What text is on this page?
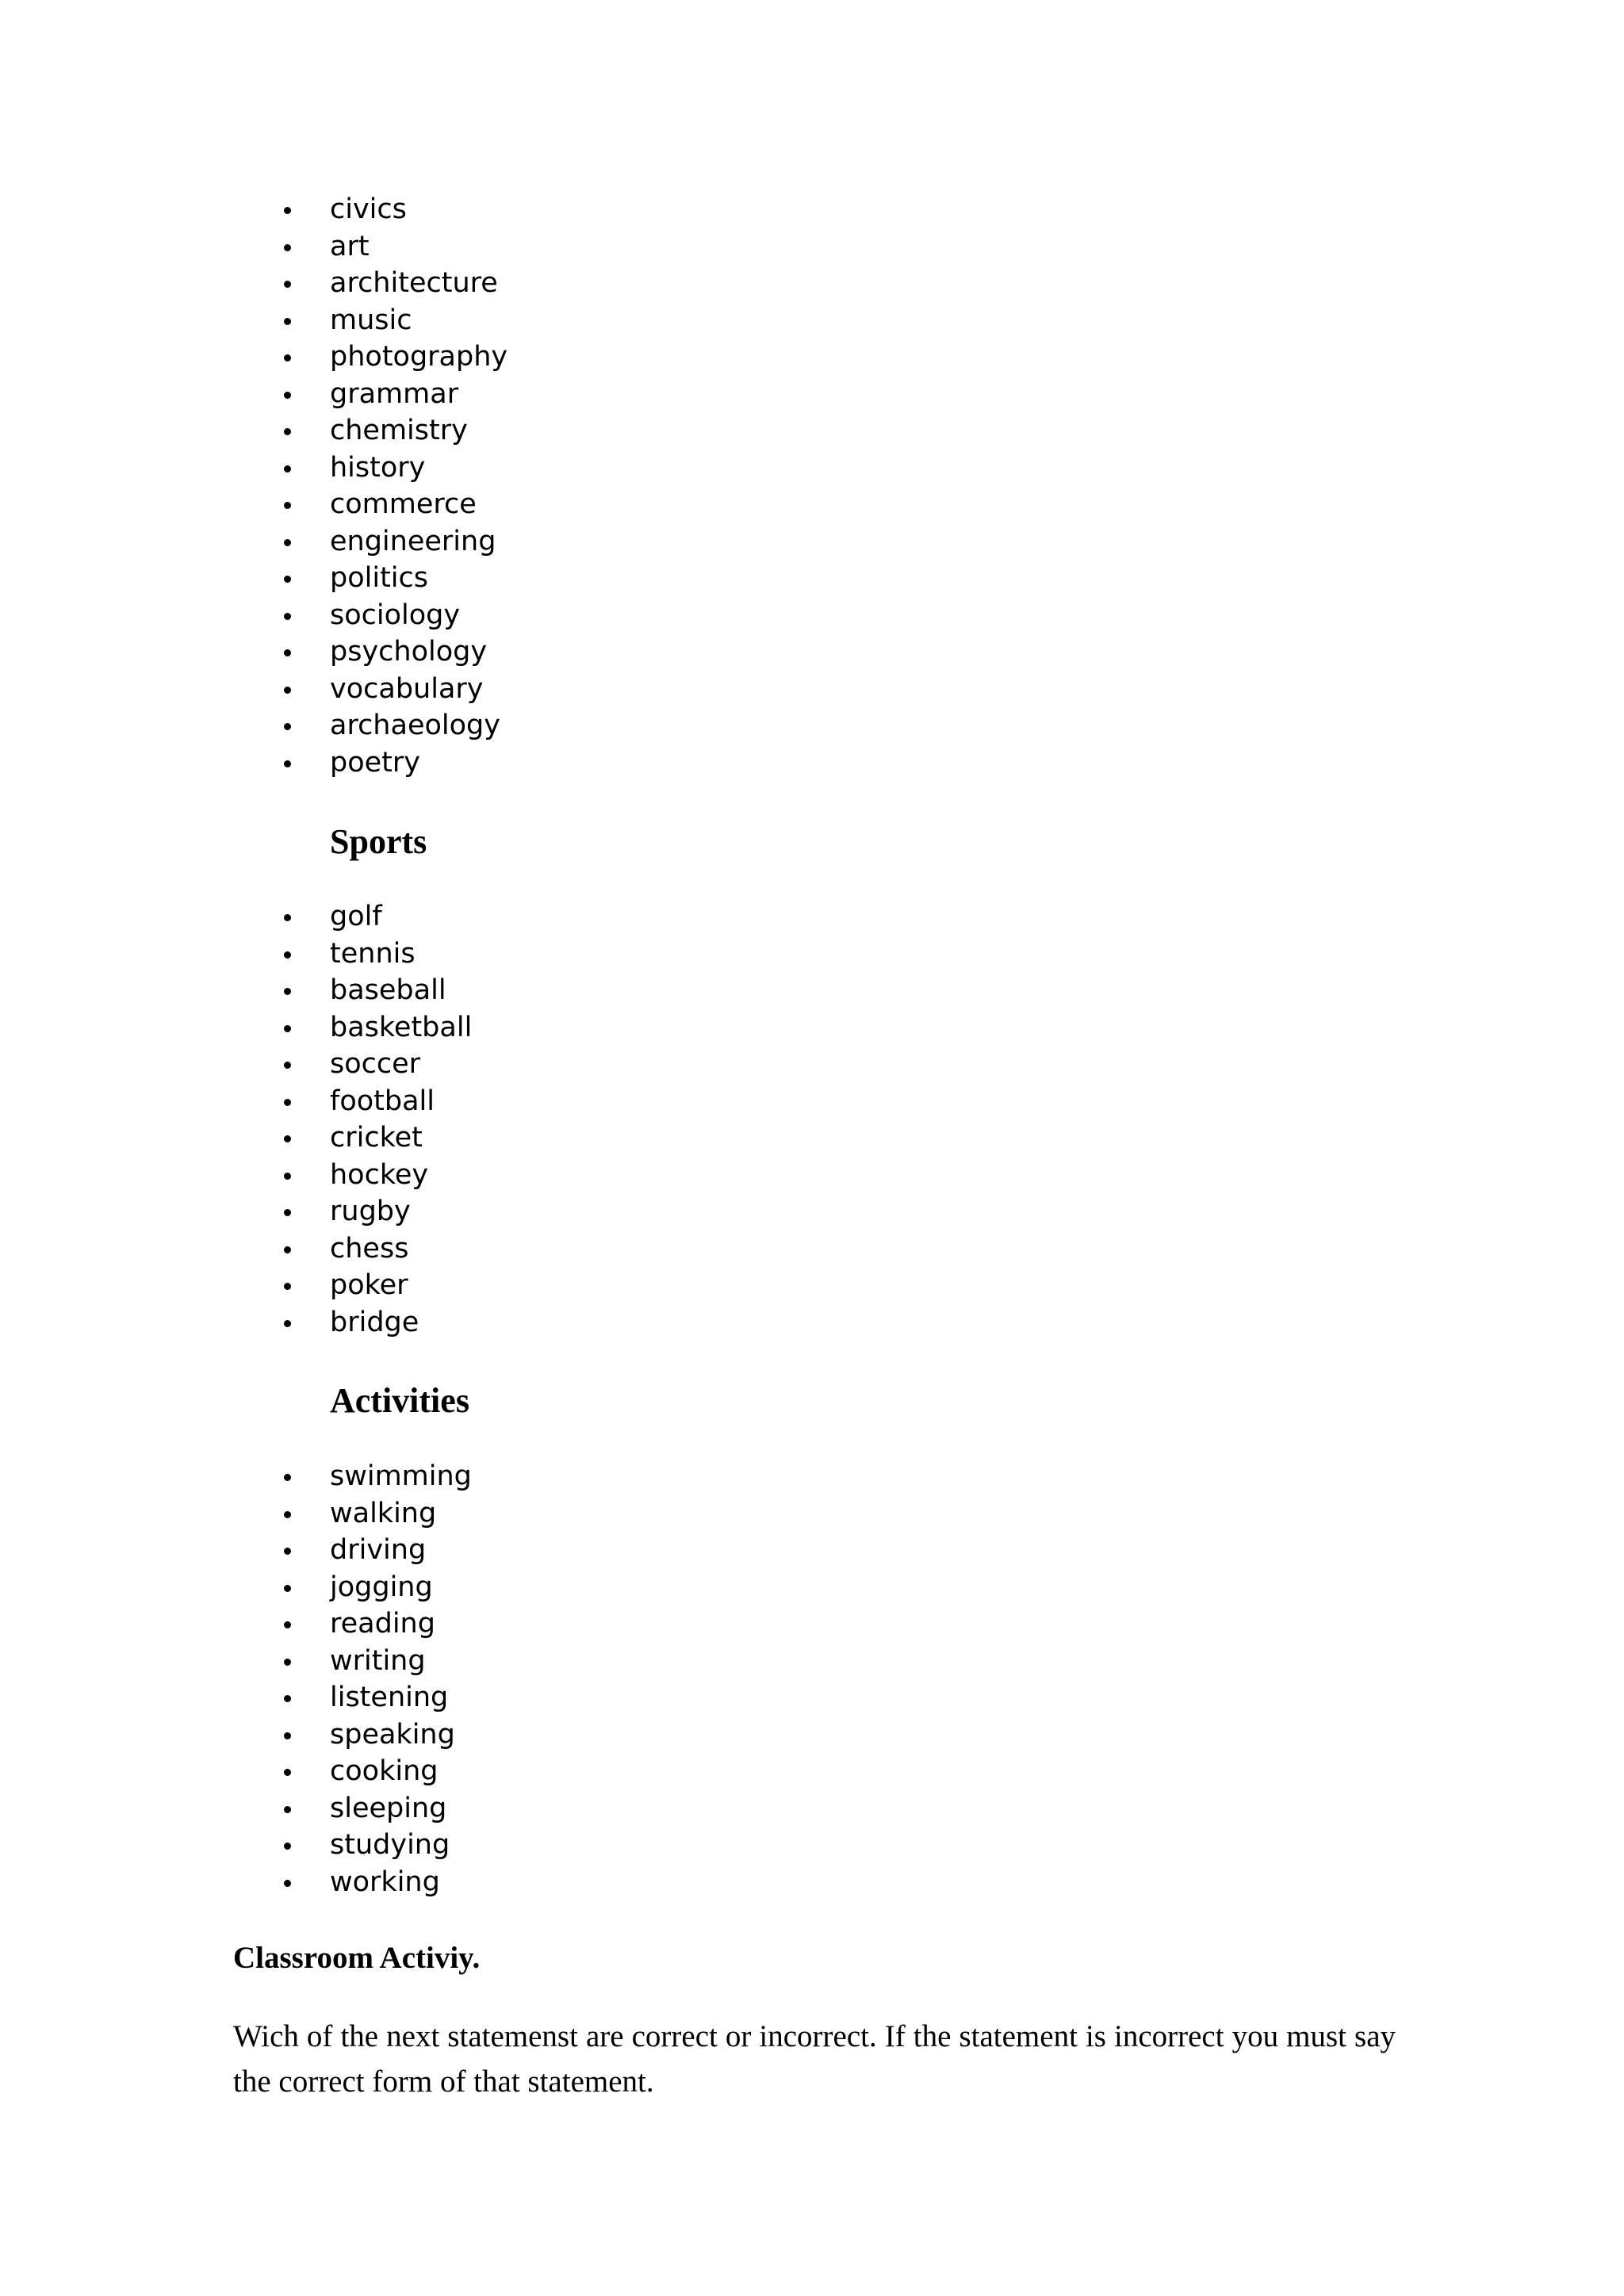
civics
art
architecture
music
photography
grammar
chemistry
history
commerce
engineering
politics
sociology
psychology
vocabulary
archaeology
poetry
Sports
golf
tennis
baseball
basketball
soccer
football
cricket
hockey
rugby
chess
poker
bridge
Activities
swimming
walking
driving
jogging
reading
writing
listening
speaking
cooking
sleeping
studying
working
Classroom Activiy.

Wich of the next statemenst are correct or incorrect. If the statement is incorrect you must say the correct form of that statement.
